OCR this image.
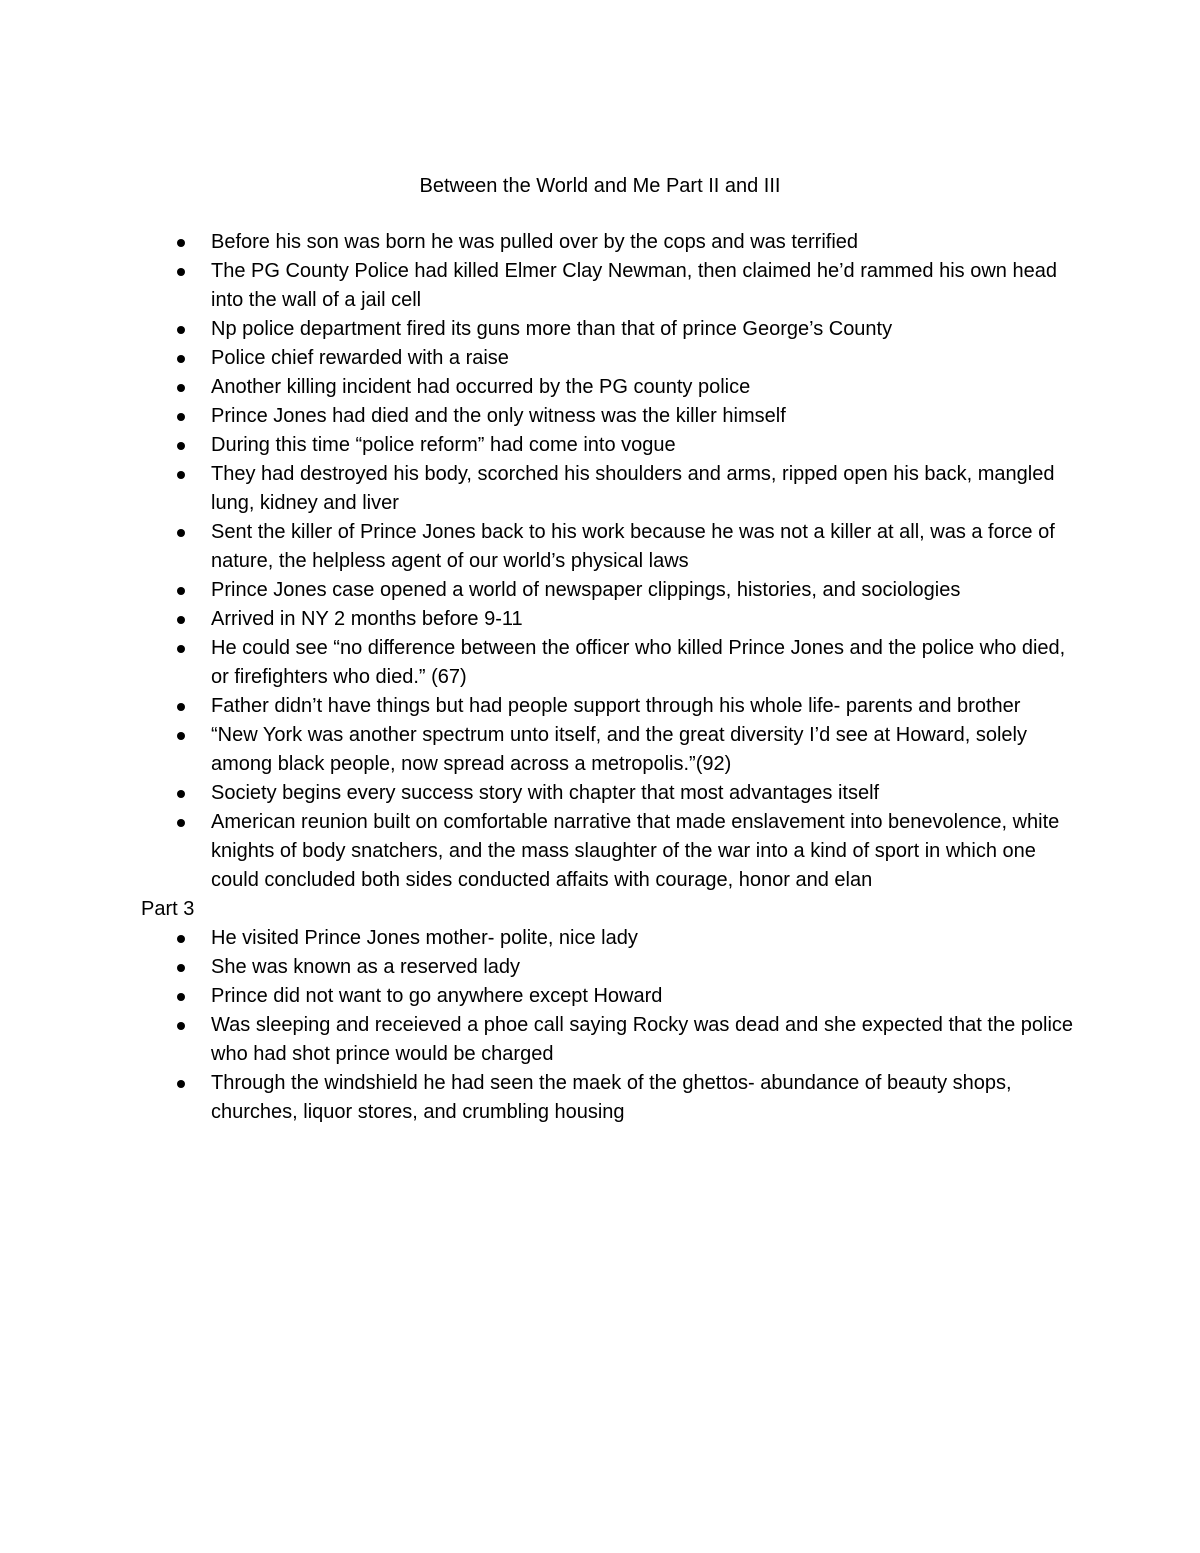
Between the World and Me Part II and III
Before his son was born he was pulled over by the cops and was terrified
The PG County Police had killed Elmer Clay Newman, then claimed he’d rammed his own head into the wall of a jail cell
Np police department fired its guns more than that of prince George’s County
Police chief rewarded with a raise
Another killing incident had occurred by the PG county police
Prince Jones had died and the only witness was the killer himself
During this time “police reform” had come into vogue
They had destroyed his body, scorched his shoulders and arms, ripped open his back, mangled lung, kidney and liver
Sent the killer of Prince Jones back to his work because he was not a killer at all, was a force of nature, the helpless agent of our world’s physical laws
Prince Jones case opened a world of newspaper clippings, histories, and sociologies
Arrived in NY 2 months before 9-11
He could see “no difference between the officer who killed Prince Jones and the police who died, or firefighters who died.” (67)
Father didn’t have things but had people support through his whole life- parents and brother
“New York was another spectrum unto itself, and the great diversity I’d see at Howard, solely among black people, now spread across a metropolis.”(92)
Society begins every success story with chapter that most advantages itself
American reunion built on comfortable narrative that made enslavement into benevolence, white knights of body snatchers, and the mass slaughter of the war into a kind of sport in which one could concluded both sides conducted affaits with courage, honor and elan

Part 3

He visited Prince Jones mother- polite, nice lady
She was known as a reserved lady
Prince did not want to go anywhere except Howard
Was sleeping and receieved a phoe call saying Rocky was dead and she expected that the police who had shot prince would be charged
Through the windshield he had seen the maek of the ghettos- abundance of beauty shops, churches, liquor stores, and crumbling housing
